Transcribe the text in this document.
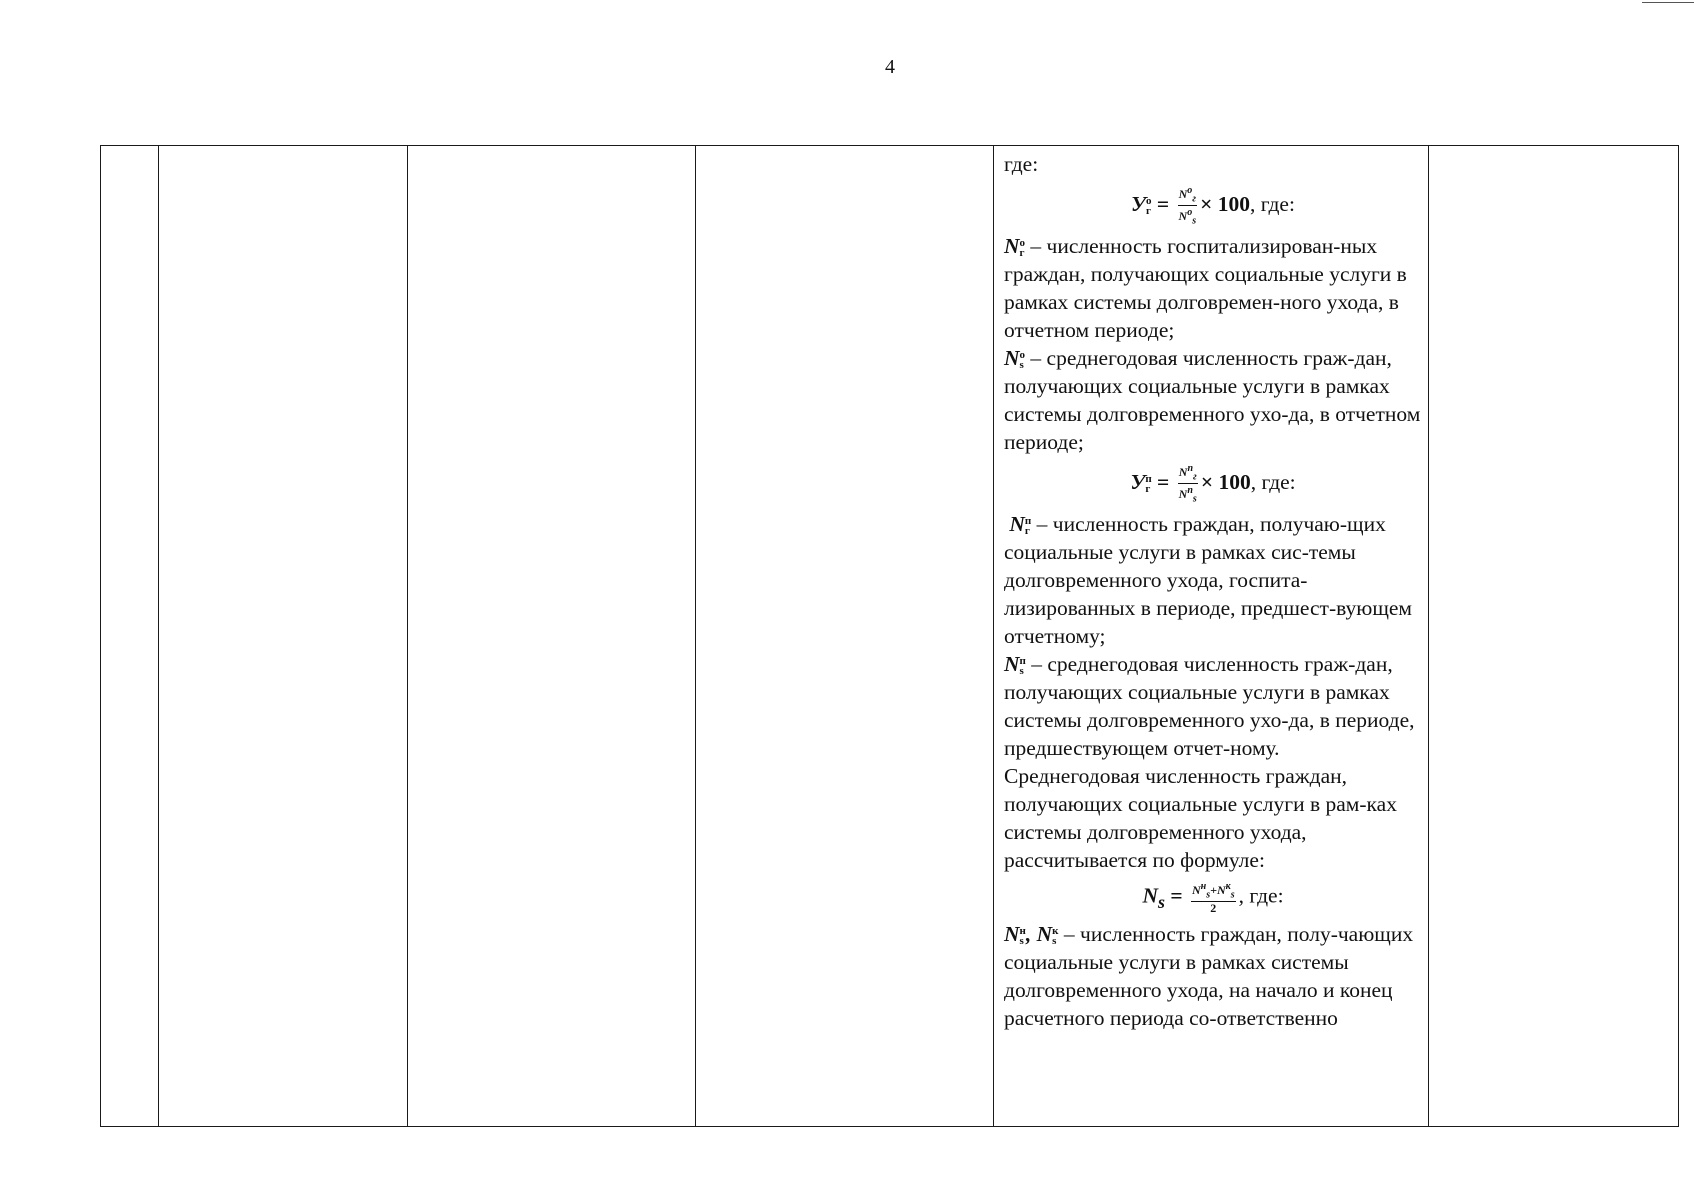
4

где:

У о
$г = \frac{N^о_г}{N^о_s} \times 100$, где:

N о
г – численность госпитализирован-ных граждан, получающих социальные услуги в рамках системы долговремен-ного ухода, в отчетном периоде;

N о
s – среднегодовая численность граж-дан, получающих социальные услуги в рамках системы долговременного ухо-да, в отчетном периоде;

У п
$г = \frac{N^п_г}{N^п_s} \times 100$, где:

N п
г – численность граждан, получаю-щих социальные услуги в рамках сис-темы долговременного ухода, госпита-лизированных в периоде, предшест-вующем отчетному;

N п
s – среднегодовая численность граж-дан, получающих социальные услуги в рамках системы долговременного ухо-да, в периоде, предшествующем отчет-ному.

Среднегодовая численность граждан, получающих социальные услуги в рам-ках системы долговременного ухода, рассчитывается по формуле:

$N_s = \frac{N^н_s+N^к_s}{2}$ , где:

N н
s , N к
s – численность граждан, полу-чающих социальные услуги в рамках системы долговременного ухода, на начало и конец расчетного периода со-ответственно
